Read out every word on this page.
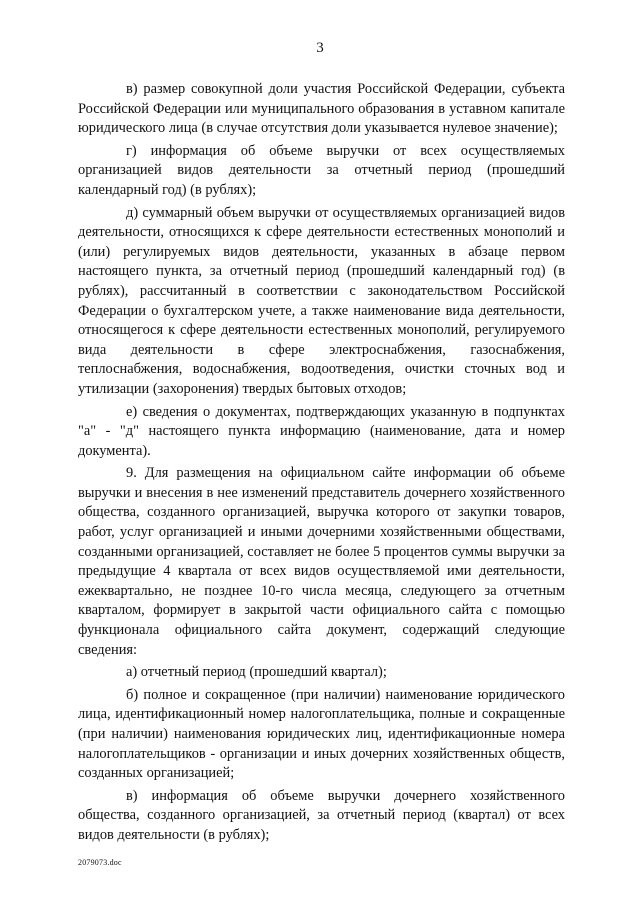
3

в) размер совокупной доли участия Российской Федерации, субъекта Российской Федерации или муниципального образования в уставном капитале юридического лица (в случае отсутствия доли указывается нулевое значение);

г) информация об объеме выручки от всех осуществляемых организацией видов деятельности за отчетный период (прошедший календарный год) (в рублях);

д) суммарный объем выручки от осуществляемых организацией видов деятельности, относящихся к сфере деятельности естественных монополий и (или) регулируемых видов деятельности, указанных в абзаце первом настоящего пункта, за отчетный период (прошедший календарный год) (в рублях), рассчитанный в соответствии с законодательством Российской Федерации о бухгалтерском учете, а также наименование вида деятельности, относящегося к сфере деятельности естественных монополий, регулируемого вида деятельности в сфере электроснабжения, газоснабжения, теплоснабжения, водоснабжения, водоотведения, очистки сточных вод и утилизации (захоронения) твердых бытовых отходов;

е) сведения о документах, подтверждающих указанную в подпунктах "а" - "д" настоящего пункта информацию (наименование, дата и номер документа).

9. Для размещения на официальном сайте информации об объеме выручки и внесения в нее изменений представитель дочернего хозяйственного общества, созданного организацией, выручка которого от закупки товаров, работ, услуг организацией и иными дочерними хозяйственными обществами, созданными организацией, составляет не более 5 процентов суммы выручки за предыдущие 4 квартала от всех видов осуществляемой ими деятельности, ежеквартально, не позднее 10-го числа месяца, следующего за отчетным кварталом, формирует в закрытой части официального сайта с помощью функционала официального сайта документ, содержащий следующие сведения:

а) отчетный период (прошедший квартал);

б) полное и сокращенное (при наличии) наименование юридического лица, идентификационный номер налогоплательщика, полные и сокращенные (при наличии) наименования юридических лиц, идентификационные номера налогоплательщиков - организации и иных дочерних хозяйственных обществ, созданных организацией;

в) информация об объеме выручки дочернего хозяйственного общества, созданного организацией, за отчетный период (квартал) от всех видов деятельности (в рублях);

2079073.doc
